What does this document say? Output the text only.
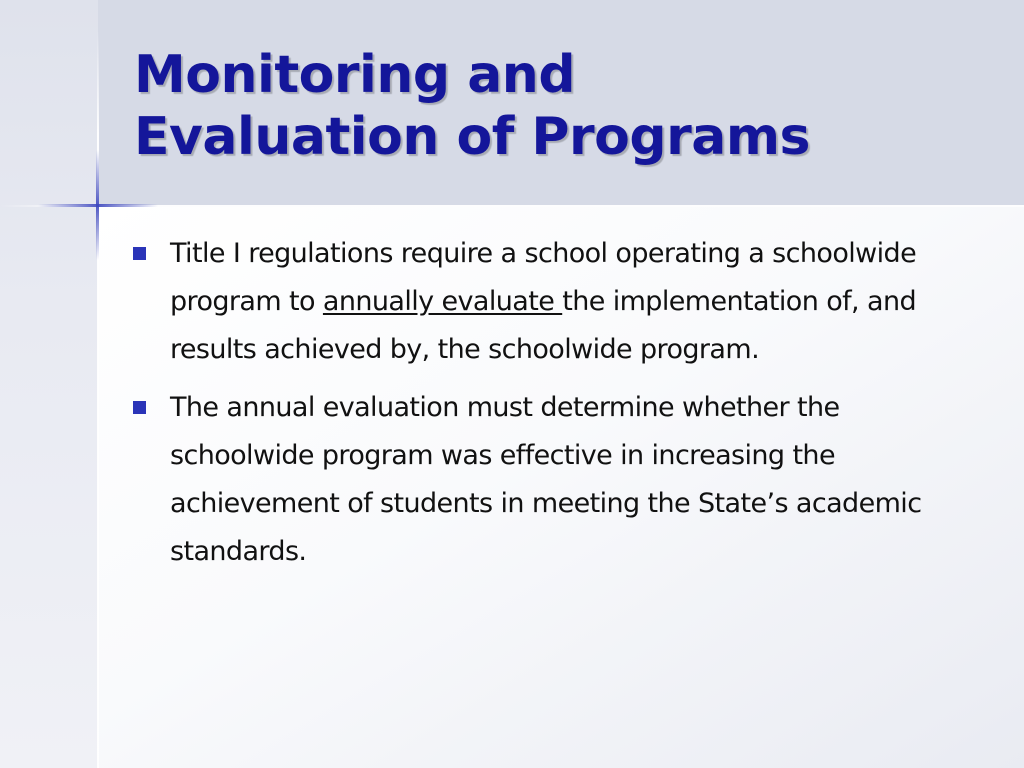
Monitoring and
Evaluation of Programs
Title I regulations require a school operating a schoolwide program to annually evaluate the implementation of, and results achieved by, the schoolwide program.
The annual evaluation must determine whether the schoolwide program was effective in increasing the achievement of students in meeting the State’s academic standards.
